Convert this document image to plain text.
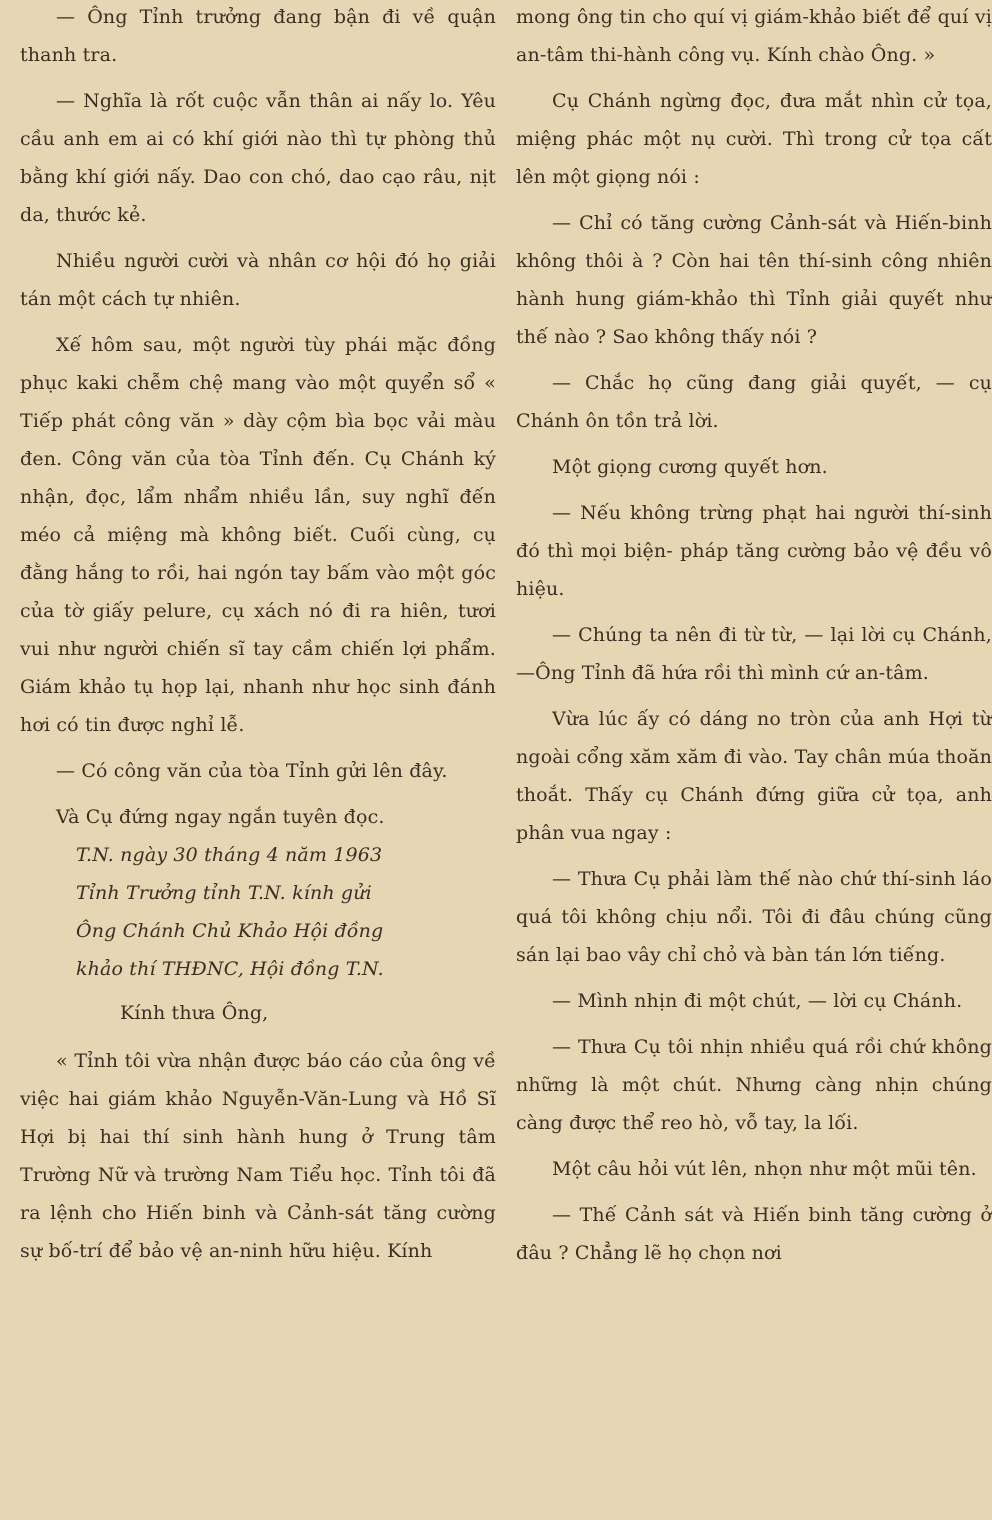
— Ông Tỉnh trưởng đang bận đi về quận thanh tra.

— Nghĩa là rốt cuộc vẫn thân ai nấy lo. Yêu cầu anh em ai có khí giới nào thì tự phòng thủ bằng khí giới nấy. Dao con chó, dao cạo râu, nịt da, thước kẻ.

Nhiều người cười và nhân cơ hội đó họ giải tán một cách tự nhiên.

Xế hôm sau, một người tùy phái mặc đồng phục kaki chễm chệ mang vào một quyển sổ « Tiếp phát công văn » dày cộm bìa bọc vải màu đen. Công văn của tòa Tỉnh đến. Cụ Chánh ký nhận, đọc, lẩm nhẩm nhiều lần, suy nghĩ đến méo cả miệng mà không biết. Cuối cùng, cụ đằng hắng to rồi, hai ngón tay bấm vào một góc của tờ giấy pelure, cụ xách nó đi ra hiên, tươi vui như người chiến sĩ tay cầm chiến lợi phẩm. Giám khảo tụ họp lại, nhanh như học sinh đánh hơi có tin được nghỉ lễ.

— Có công văn của tòa Tỉnh gửi lên đây.

Và Cụ đứng ngay ngắn tuyên đọc.

T.N. ngày 30 tháng 4 năm 1963
Tỉnh Trưởng tỉnh T.N. kính gửi
Ông Chánh Chủ Khảo Hội đồng
khảo thí THĐNC, Hội đồng T.N.

Kính thưa Ông,

« Tỉnh tôi vừa nhận được báo cáo của ông về việc hai giám khảo Nguyễn-Văn-Lung và Hồ Sĩ Hợi bị hai thí sinh hành hung ở Trung tâm Trường Nữ và trường Nam Tiểu học. Tỉnh tôi đã ra lệnh cho Hiến binh và Cảnh-sát tăng cường sự bố-trí để bảo vệ an-ninh hữu hiệu. Kính

mong ông tin cho quí vị giám-khảo biết để quí vị an-tâm thi-hành công vụ. Kính chào Ông. »

Cụ Chánh ngừng đọc, đưa mắt nhìn cử tọa, miệng phác một nụ cười. Thì trong cử tọa cất lên một giọng nói :

— Chỉ có tăng cường Cảnh-sát và Hiến-binh không thôi à ? Còn hai tên thí-sinh công nhiên hành hung giám-khảo thì Tỉnh giải quyết như thế nào ? Sao không thấy nói ?

— Chắc họ cũng đang giải quyết, — cụ Chánh ôn tồn trả lời.

Một giọng cương quyết hơn.

— Nếu không trừng phạt hai người thí-sinh đó thì mọi biện- pháp tăng cường bảo vệ đều vô hiệu.

— Chúng ta nên đi từ từ, — lại lời cụ Chánh,—Ông Tỉnh đã hứa rồi thì mình cứ an-tâm.

Vừa lúc ấy có dáng no tròn của anh Hợi từ ngoài cổng xăm xăm đi vào. Tay chân múa thoăn thoắt. Thấy cụ Chánh đứng giữa cử tọa, anh phân vua ngay :

— Thưa Cụ phải làm thế nào chứ thí-sinh láo quá tôi không chịu nổi. Tôi đi đâu chúng cũng sán lại bao vây chỉ chỏ và bàn tán lớn tiếng.

— Mình nhịn đi một chút, — lời cụ Chánh.

— Thưa Cụ tôi nhịn nhiều quá rồi chứ không những là một chút. Nhưng càng nhịn chúng càng được thể reo hò, vỗ tay, la lối.

Một câu hỏi vút lên, nhọn như một mũi tên.

— Thế Cảnh sát và Hiến binh tăng cường ở đâu ? Chẳng lẽ họ chọn nơi
